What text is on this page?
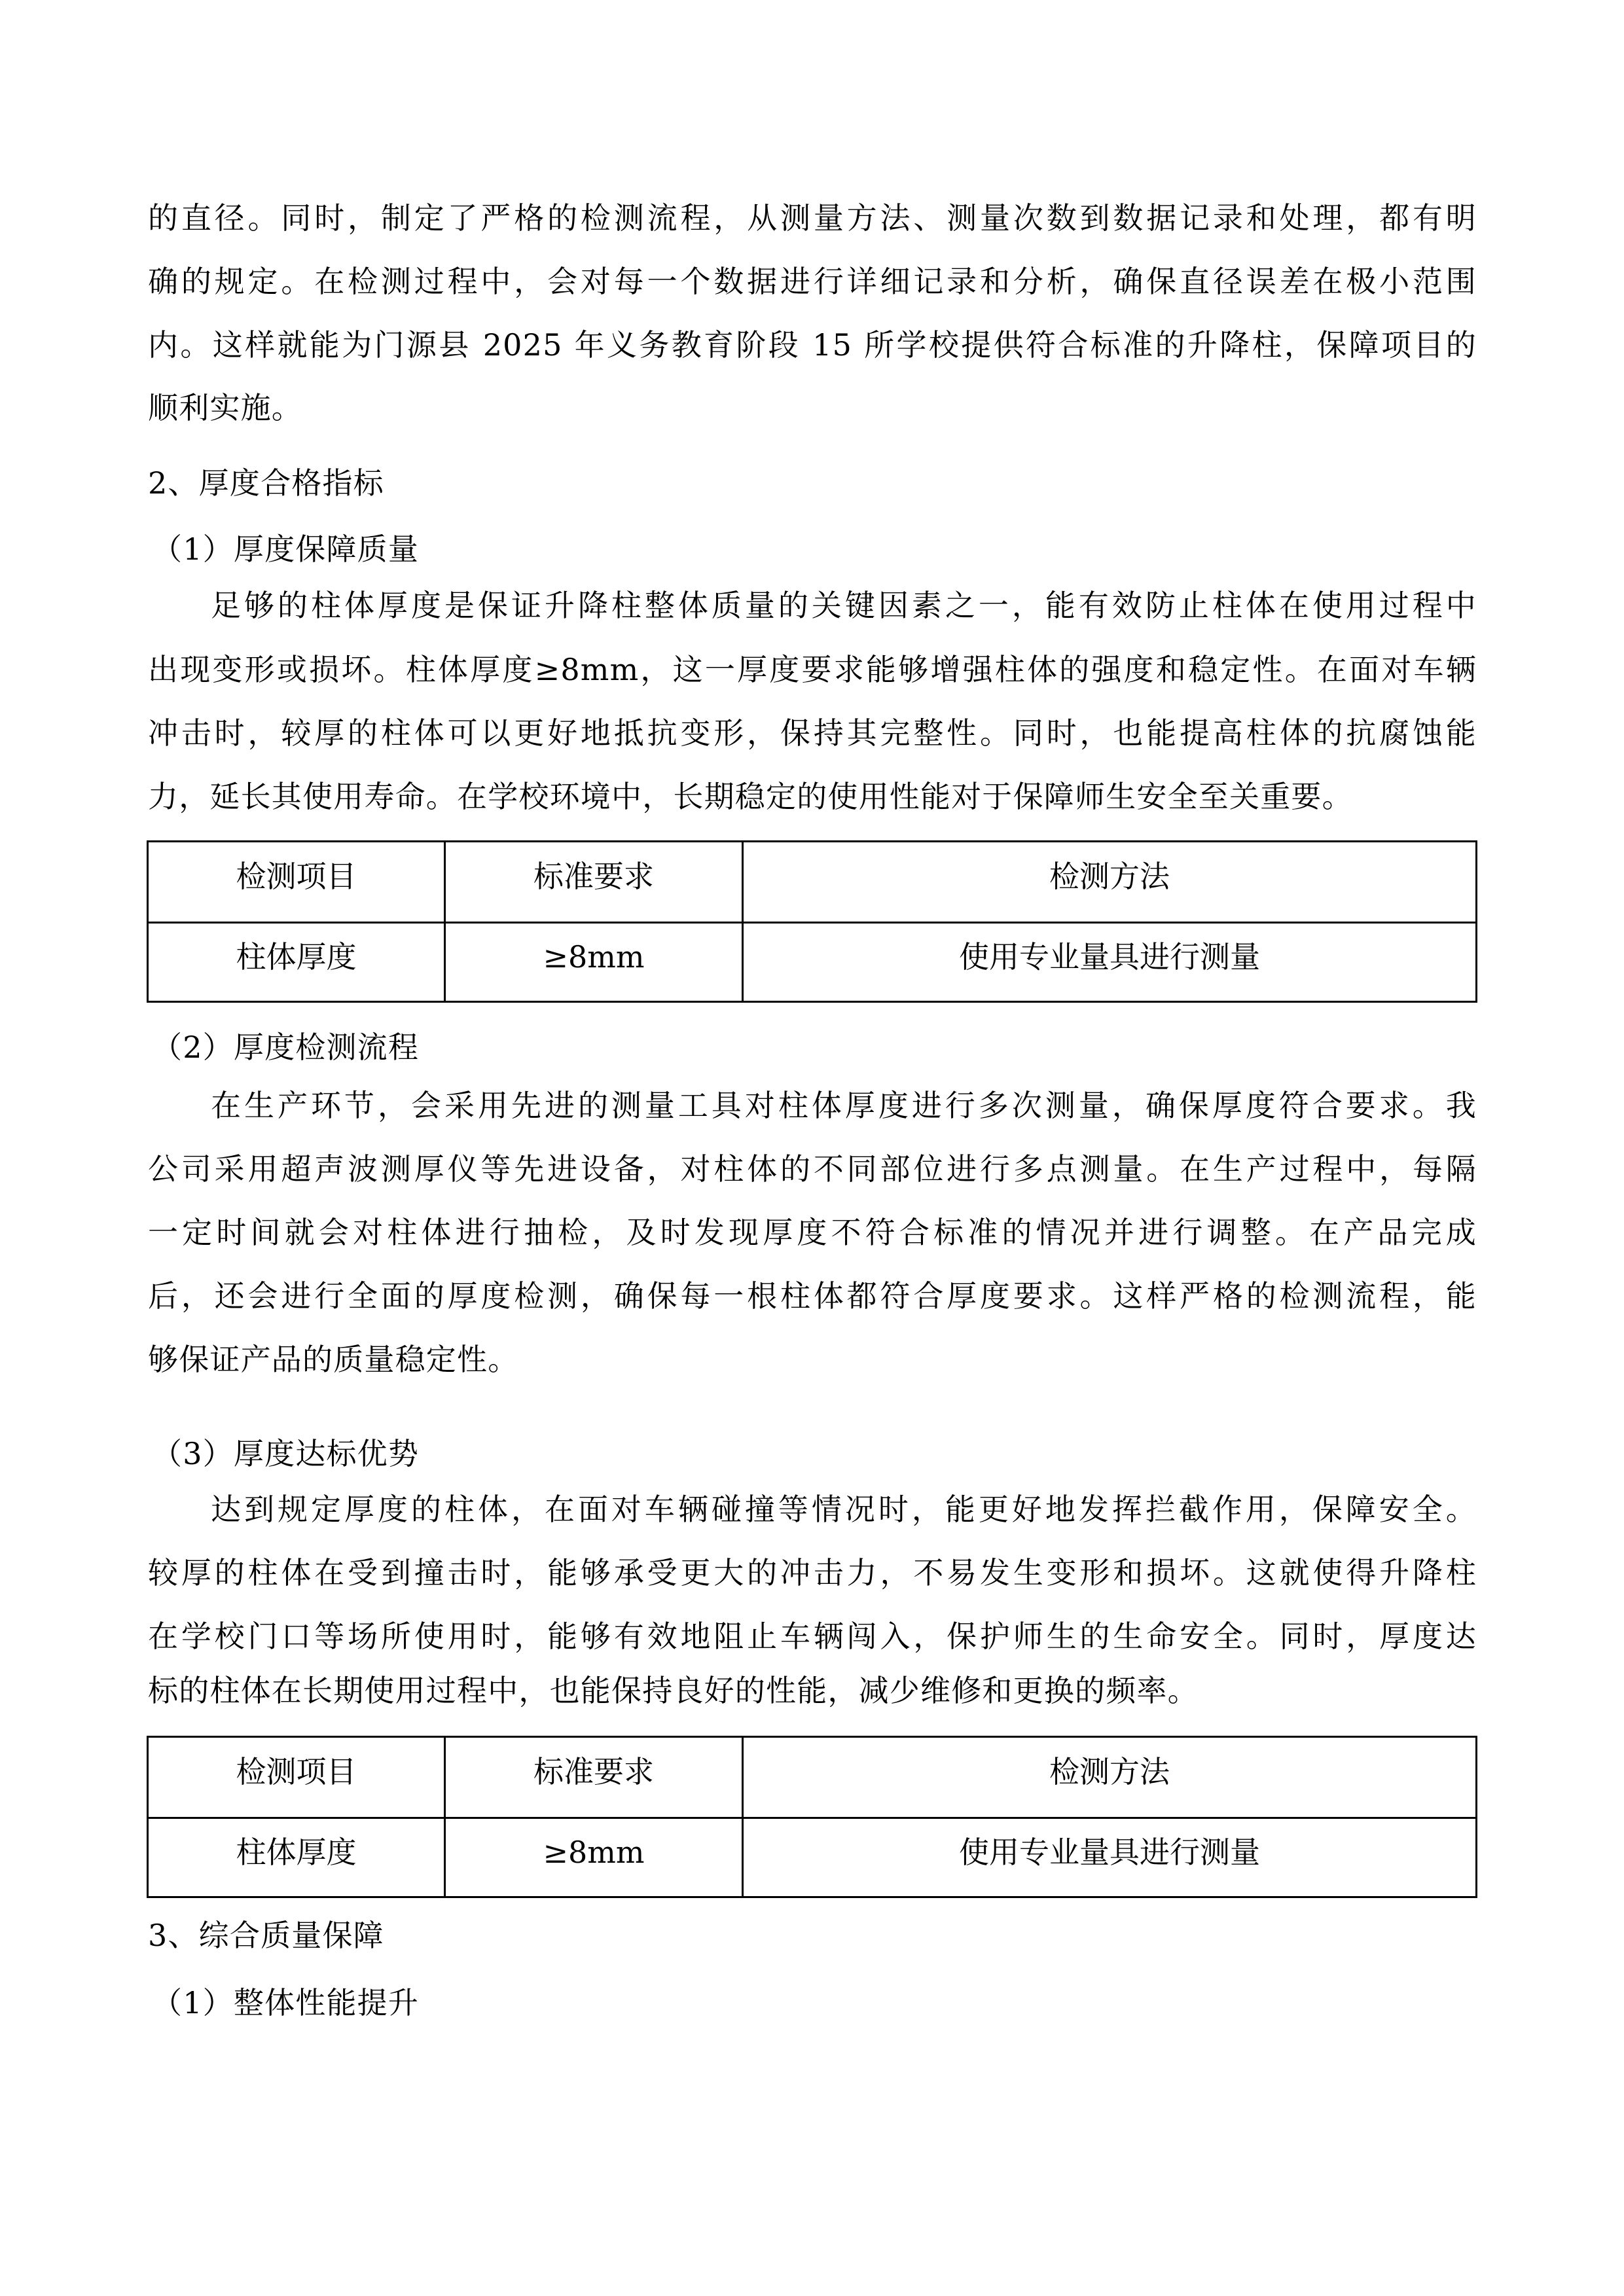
的直径。同时，制定了严格的检测流程，从测量方法、测量次数到数据记录和处理，都有明
确的规定。在检测过程中，会对每一个数据进行详细记录和分析，确保直径误差在极小范围
内。这样就能为门源县 2025 年义务教育阶段 15 所学校提供符合标准的升降柱，保障项目的
顺利实施。
2、厚度合格指标
（1）厚度保障质量
足够的柱体厚度是保证升降柱整体质量的关键因素之一，能有效防止柱体在使用过程中
出现变形或损坏。柱体厚度≥8mm，这一厚度要求能够增强柱体的强度和稳定性。在面对车辆
冲击时，较厚的柱体可以更好地抵抗变形，保持其完整性。同时，也能提高柱体的抗腐蚀能
力，延长其使用寿命。在学校环境中，长期稳定的使用性能对于保障师生安全至关重要。
检测项目	标准要求	检测方法
柱体厚度	≥8mm	使用专业量具进行测量
（2）厚度检测流程
在生产环节，会采用先进的测量工具对柱体厚度进行多次测量，确保厚度符合要求。我
公司采用超声波测厚仪等先进设备，对柱体的不同部位进行多点测量。在生产过程中，每隔
一定时间就会对柱体进行抽检，及时发现厚度不符合标准的情况并进行调整。在产品完成
后，还会进行全面的厚度检测，确保每一根柱体都符合厚度要求。这样严格的检测流程，能
够保证产品的质量稳定性。
（3）厚度达标优势
达到规定厚度的柱体，在面对车辆碰撞等情况时，能更好地发挥拦截作用，保障安全。
较厚的柱体在受到撞击时，能够承受更大的冲击力，不易发生变形和损坏。这就使得升降柱
在学校门口等场所使用时，能够有效地阻止车辆闯入，保护师生的生命安全。同时，厚度达
标的柱体在长期使用过程中，也能保持良好的性能，减少维修和更换的频率。
检测项目	标准要求	检测方法
柱体厚度	≥8mm	使用专业量具进行测量
3、综合质量保障
（1）整体性能提升
